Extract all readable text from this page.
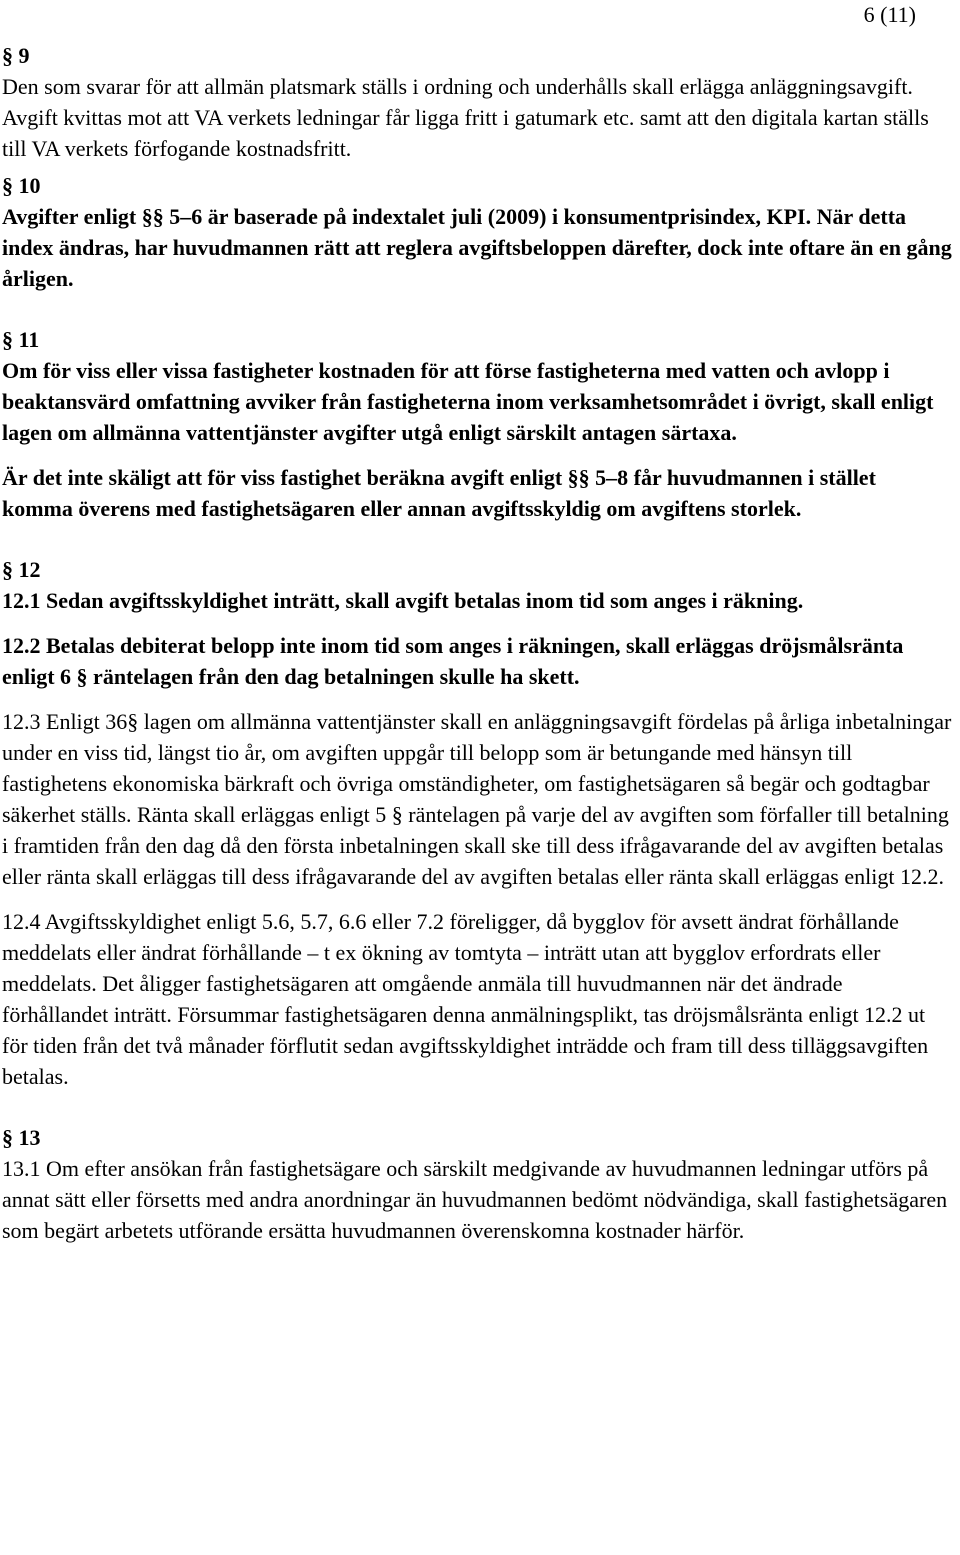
6 (11)

§ 9

Den som svarar för att allmän platsmark ställs i ordning och underhålls skall erlägga anläggningsavgift.

Avgift kvittas mot att VA verkets ledningar får ligga fritt i gatumark etc. samt att den digitala kartan ställs till VA verkets förfogande kostnadsfritt.

§ 10

Avgifter enligt §§ 5–6 är baserade på indextalet juli (2009) i konsumentprisindex, KPI. När detta index ändras, har huvudmannen rätt att reglera avgiftsbeloppen därefter, dock inte oftare än en gång årligen.

§ 11

Om för viss eller vissa fastigheter kostnaden för att förse fastigheterna med vatten och avlopp i beaktansvärd omfattning avviker från fastigheterna inom verksamhetsområdet i övrigt, skall enligt lagen om allmänna vattentjänster avgifter utgå enligt särskilt antagen särtaxa.

Är det inte skäligt att för viss fastighet beräkna avgift enligt §§ 5–8 får huvudmannen i stället komma överens med fastighetsägaren eller annan avgiftsskyldig om avgiftens storlek.

§ 12

12.1 Sedan avgiftsskyldighet inträtt, skall avgift betalas inom tid som anges i räkning.

12.2 Betalas debiterat belopp inte inom tid som anges i räkningen, skall erläggas dröjsmålsränta enligt 6 § räntelagen från den dag betalningen skulle ha skett.

12.3 Enligt 36§ lagen om allmänna vattentjänster skall en anläggningsavgift fördelas på årliga inbetalningar under en viss tid, längst tio år, om avgiften uppgår till belopp som är betungande med hänsyn till fastighetens ekonomiska bärkraft och övriga omständigheter, om fastighetsägaren så begär och godtagbar säkerhet ställs. Ränta skall erläggas enligt 5 § räntelagen på varje del av avgiften som förfaller till betalning i framtiden från den dag då den första inbetalningen skall ske till dess ifrågavarande del av avgiften betalas eller ränta skall erläggas till dess ifrågavarande del av avgiften betalas eller ränta skall erläggas enligt 12.2.

12.4 Avgiftsskyldighet enligt 5.6, 5.7, 6.6 eller 7.2 föreligger, då bygglov för avsett ändrat förhållande meddelats eller ändrat förhållande – t ex ökning av tomtyta – inträtt utan att bygglov erfordrats eller meddelats. Det åligger fastighetsägaren att omgående anmäla till huvudmannen när det ändrade förhållandet inträtt. Försummar fastighetsägaren denna anmälningsplikt, tas dröjsmålsränta enligt 12.2 ut för tiden från det två månader förflutit sedan avgiftsskyldighet inträdde och fram till dess tilläggsavgiften betalas.

§ 13

13.1 Om efter ansökan från fastighetsägare och särskilt medgivande av huvudmannen ledningar utförs på annat sätt eller försetts med andra anordningar än huvudmannen bedömt nödvändiga, skall fastighetsägaren som begärt arbetets utförande ersätta huvudmannen överenskomna kostnader härför.
